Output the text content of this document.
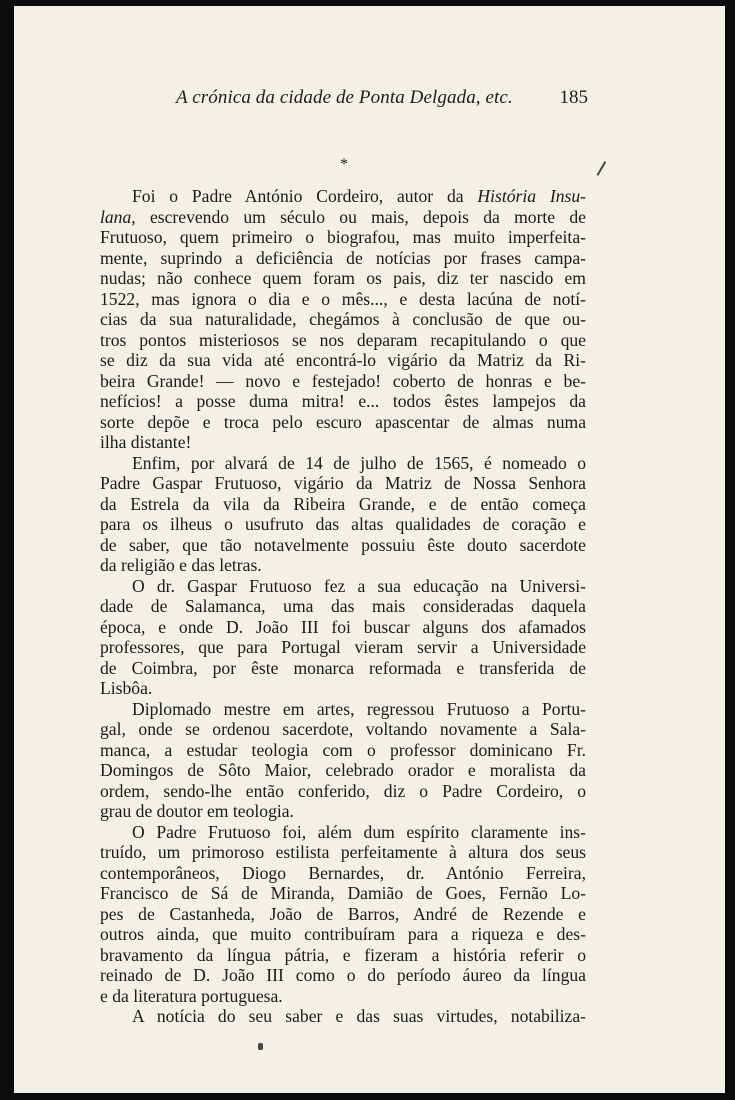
A crónica da cidade de Ponta Delgada, etc. 185
*
Foi o Padre António Cordeiro, autor da História Insu-
lana, escrevendo um século ou mais, depois da morte de
Frutuoso, quem primeiro o biografou, mas muito imperfeita-
mente, suprindo a deficiência de notícias por frases campa-
nudas; não conhece quem foram os pais, diz ter nascido em
1522, mas ignora o dia e o mês..., e desta lacúna de notí-
cias da sua naturalidade, chegámos à conclusão de que ou-
tros pontos misteriosos se nos deparam recapitulando o que
se diz da sua vida até encontrá-lo vigário da Matriz da Ri-
beira Grande! — novo e festejado! coberto de honras e be-
nefícios! a posse duma mitra! e... todos êstes lampejos da
sorte depõe e troca pelo escuro apascentar de almas numa
ilha distante!
Enfim, por alvará de 14 de julho de 1565, é nomeado o
Padre Gaspar Frutuoso, vigário da Matriz de Nossa Senhora
da Estrela da vila da Ribeira Grande, e de então começa
para os ilheus o usufruto das altas qualidades de coração e
de saber, que tão notavelmente possuiu êste douto sacerdote
da religião e das letras.
O dr. Gaspar Frutuoso fez a sua educação na Universi-
dade de Salamanca, uma das mais consideradas daquela
época, e onde D. João III foi buscar alguns dos afamados
professores, que para Portugal vieram servir a Universidade
de Coimbra, por êste monarca reformada e transferida de
Lisbôa.
Diplomado mestre em artes, regressou Frutuoso a Portu-
gal, onde se ordenou sacerdote, voltando novamente a Sala-
manca, a estudar teologia com o professor dominicano Fr.
Domingos de Sôto Maior, celebrado orador e moralista da
ordem, sendo-lhe então conferido, diz o Padre Cordeiro, o
grau de doutor em teologia.
O Padre Frutuoso foi, além dum espírito claramente ins-
truído, um primoroso estilista perfeitamente à altura dos seus
contemporâneos, Diogo Bernardes, dr. António Ferreira,
Francisco de Sá de Miranda, Damião de Goes, Fernão Lo-
pes de Castanheda, João de Barros, André de Rezende e
outros ainda, que muito contribuíram para a riqueza e des-
bravamento da língua pátria, e fizeram a história referir o
reinado de D. João III como o do período áureo da língua
e da literatura portuguesa.
A notícia do seu saber e das suas virtudes, notabiliza-
